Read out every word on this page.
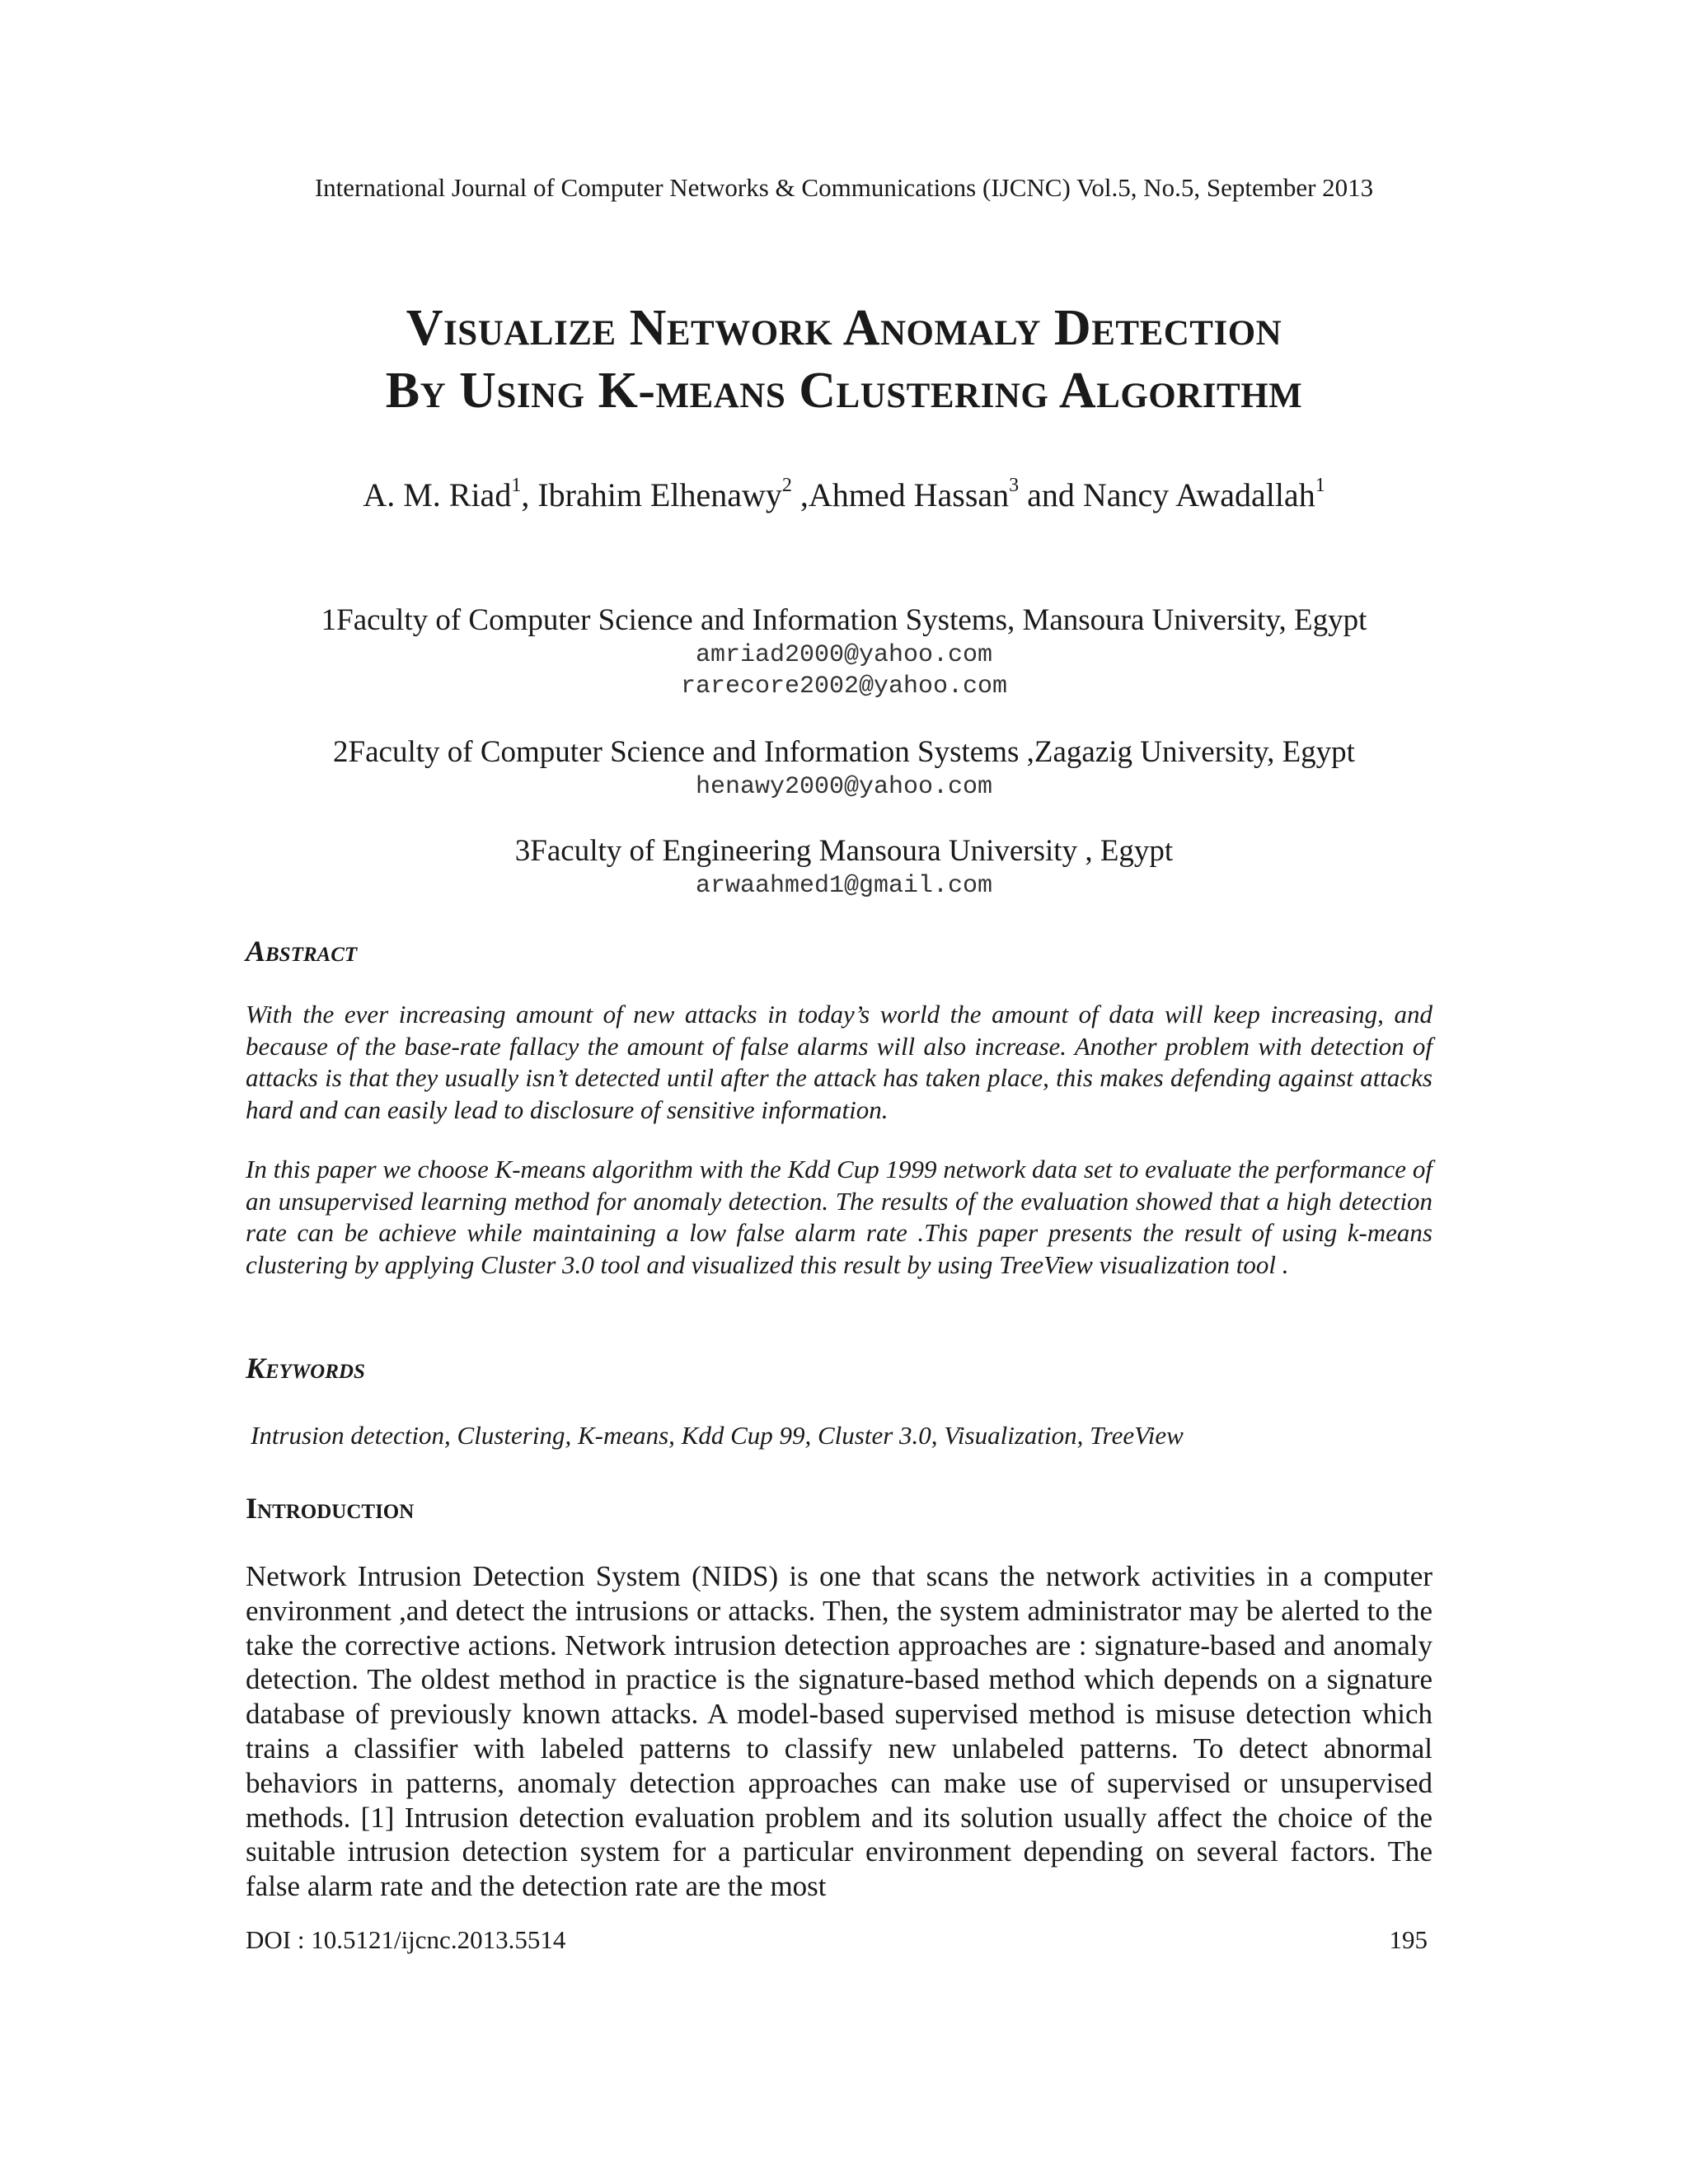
International Journal of Computer Networks & Communications (IJCNC) Vol.5, No.5, September 2013
Visualize Network Anomaly Detection
By Using K-means Clustering Algorithm
A. M. Riad$^1$, Ibrahim Elhenawy$^2$ ,Ahmed Hassan$^3$ and Nancy Awadallah$^1$
1Faculty of Computer Science and Information Systems, Mansoura University, Egypt
amriad2000@yahoo.com
rarecore2002@yahoo.com
2Faculty of Computer Science and Information Systems ,Zagazig University, Egypt
henawy2000@yahoo.com
3Faculty of Engineering Mansoura University , Egypt
arwaahmed1@gmail.com
Abstract
With the ever increasing amount of new attacks in today’s world the amount of data will keep increasing, and because of the base-rate fallacy the amount of false alarms will also increase. Another problem with detection of attacks is that they usually isn’t detected until after the attack has taken place, this makes defending against attacks hard and can easily lead to disclosure of sensitive information.
In this paper we choose K-means algorithm with the Kdd Cup 1999 network data set to evaluate the performance of an unsupervised learning method for anomaly detection. The results of the evaluation showed that a high detection rate can be achieve while maintaining a low false alarm rate .This paper presents the result of using k-means clustering by applying Cluster 3.0 tool and visualized this result by using TreeView visualization tool .
Keywords
Intrusion detection, Clustering, K-means, Kdd Cup 99, Cluster 3.0, Visualization, TreeView
Introduction
Network Intrusion Detection System (NIDS) is one that scans the network activities in a computer environment ,and detect the intrusions or attacks. Then, the system administrator may be alerted to the take the corrective actions. Network intrusion detection approaches are : signature-based and anomaly detection. The oldest method in practice is the signature-based method which depends on a signature database of previously known attacks. A model-based supervised method is misuse detection which trains a classifier with labeled patterns to classify new unlabeled patterns. To detect abnormal behaviors in patterns, anomaly detection approaches can make use of supervised or unsupervised methods. [1] Intrusion detection evaluation problem and its solution usually affect the choice of the suitable intrusion detection system for a particular environment depending on several factors. The false alarm rate and the detection rate are the most
DOI : 10.5121/ijcnc.2013.5514	195
